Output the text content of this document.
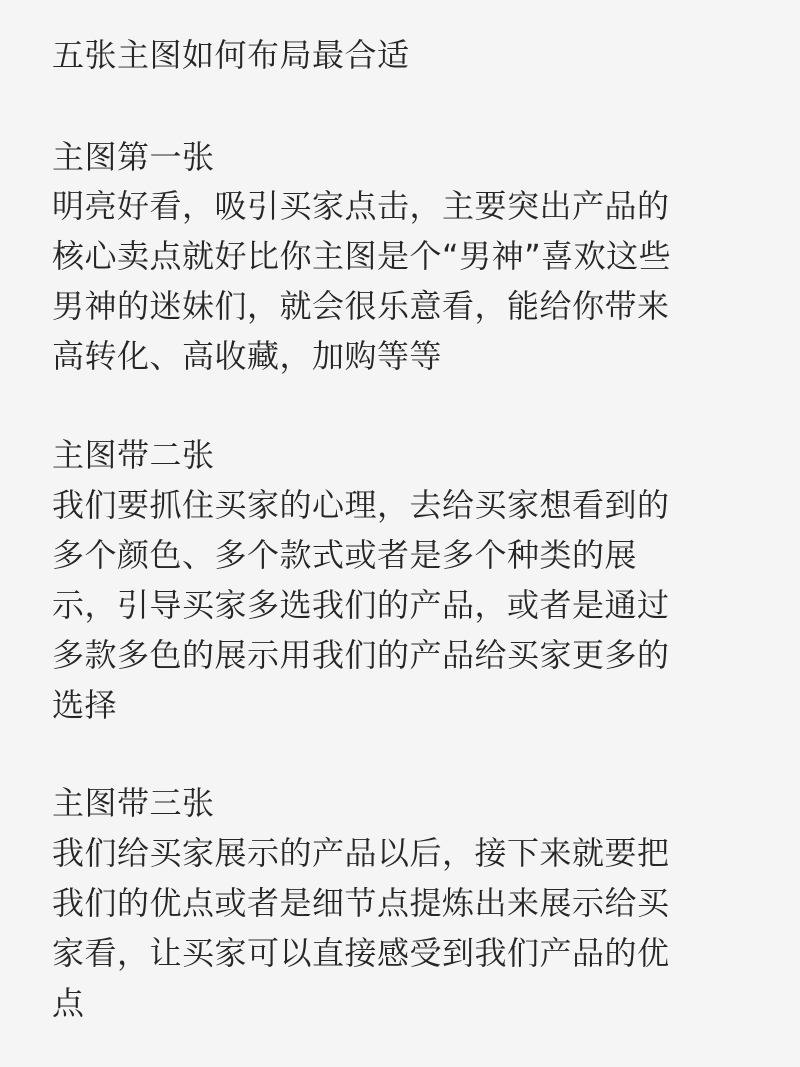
五张主图如何布局最合适
主图第一张
明亮好看，吸引买家点击，主要突出产品的
核心卖点就好比你主图是个“男神”喜欢这些
男神的迷妹们，就会很乐意看，能给你带来
高转化、高收藏，加购等等
主图带二张
我们要抓住买家的心理，去给买家想看到的
多个颜色、多个款式或者是多个种类的展
示，引导买家多选我们的产品，或者是通过
多款多色的展示用我们的产品给买家更多的
选择
主图带三张
我们给买家展示的产品以后，接下来就要把
我们的优点或者是细节点提炼出来展示给买
家看，让买家可以直接感受到我们产品的优
点
